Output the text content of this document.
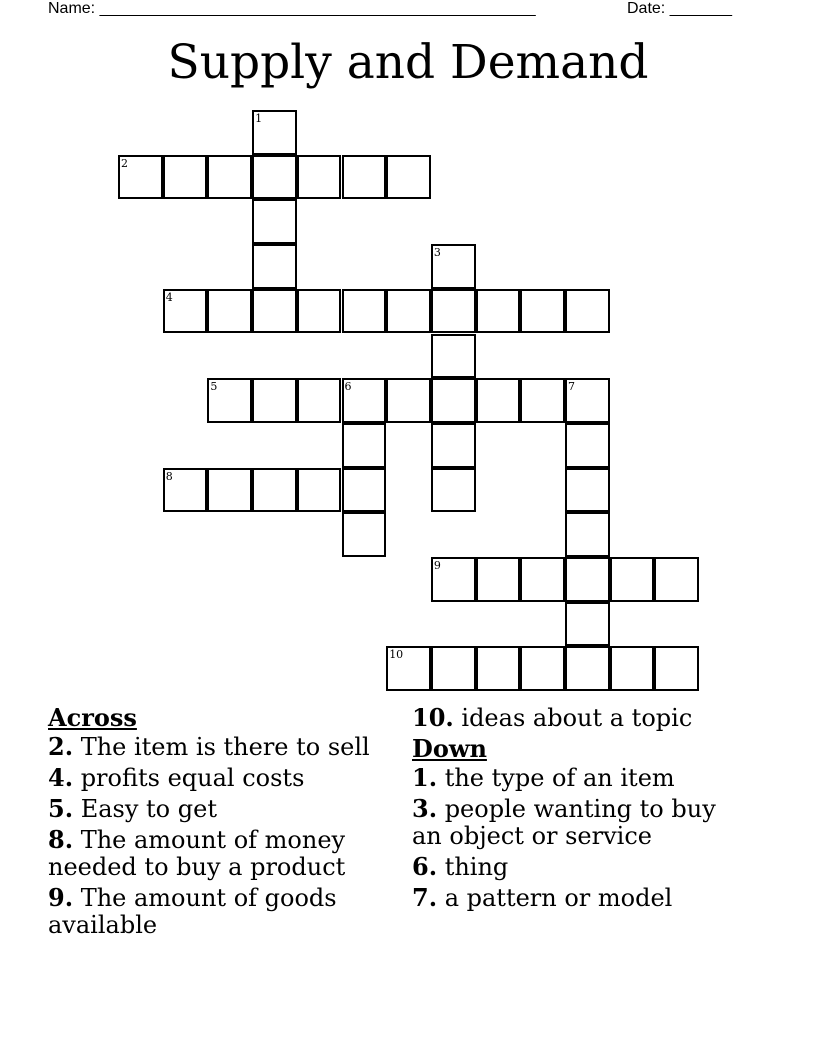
Name: _________________________________________________	Date: _______
Supply and Demand
1
2
3
4
5	6	7
8
9
10
Across
2. The item is there to sell
4. profits equal costs
5. Easy to get
8. The amount of money needed to buy a product
9. The amount of goods available
10. ideas about a topic
Down
1. the type of an item
3. people wanting to buy an object or service
6. thing
7. a pattern or model
